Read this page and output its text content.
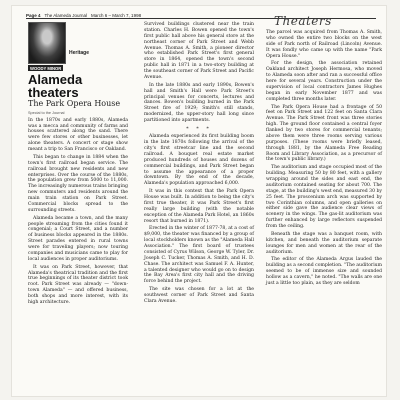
Page 4 The Alameda Journal March 6 – March 7, 1998	Theaters
Heritage
WOODY MINOR
Alameda theaters
The Park Opera House
Special to the Journal

In the 1870s and early 1880s, Alameda was a mecca and community of farms and houses scattered along the sand. There were few stores or other businesses, let alone theaters. A concert or stage show meant a trip to San Francisco or Oakland.

This began to change in 1884 when the town's first railroad began service. The railroad brought new residents and new enterprises. Over the course of the 1880s, the population grew from 5000 to 11,000. The increasingly numerous trains bringing new commuters and residents around the main train station on Park Street. Commercial blocks spread to the surrounding streets.

Alameda became a town, and the many people streaming from the cities found it congenial; a Court Street, and a number of business blocks appeared in the 1880s. Street parades entered in rural towns were for traveling players; now touring companies and musicians came to play for local audiences in proper auditoriums.

It was on Park Street, however, that Alameda's theatrical tradition and the first true beginnings of its theater district took root. Park Street was already — "down-town Alameda" — and offered business, both shops and more interest, with its high architecture.

Survived buildings clustered near the train station. Charles H. Bowen opened the town's first public hall above his general store at the northeast corner of Park Street and Webb Avenue. Thomas A. Smith, a pioneer director who established Park Street's first general store in 1864, opened the town's second public hall in 1871 in a two-story building at the southeast corner of Park Street and Pacific Avenue.

In the late 1880s and early 1890s, Bowen's hall and Smith's Hall were Park Street's principal venues for concerts, lectures and dances. Bowen's building burned in the Park Street fire of 1929; Smith's still stands, modernized, the upper-story hall long since partitioned into apartments.

* * *

Alameda experienced its first building boom in the late 1870s following the arrival of the city's first streetcar line and the second railroad. A bouquet real estate market produced hundreds of houses and dozens of commercial buildings, and Park Street began to assume the appearance of a proper downtown. By the end of the decade, Alameda's population approached 6,000.

It was in this context that the Park Opera House was built. In addition to being the city's first true theater, it was Park Street's first really large building (with the notable exception of the Alameda Park Hotel, an 1860s resort that burned in 1871).

Erected in the winter of 1877-78, at a cost of $9,000, the theater was financed by a group of local stockholders known as the "Alameda Hall Association." The first board of trustees consisted of Cyrus Wilson, George W. Tyler, Dr. Joseph C. Tucker, Thomas A. Smith, and H. D. Chase. The architect was Samuel F. A. Hunter, a talented designer who would go on to design the Bay Area's first city hall and the driving force behind the project.

The site was chosen for a lot at the southwest corner of Park Street and Santa Clara Avenue.

The parcel was acquired from Thomas A. Smith, who owned the entire two blocks on the west side of Park north of Railroad (Lincoln) Avenue. It was fondly who came up with the name "Park Opera House."

For the design, the association retained Oakland architect Joseph Hermosa, who moved to Alameda soon after and ran a successful office here for several years. Construction under the supervision of local contractors James Hughes began in early November 1877 and was completed three months later.

The Park Opera House had a frontage of 50 feet on Park Street and 122 feet on Santa Clara Avenue. The Park Street front was three stories high. The ground floor contained a central foyer flanked by two stores for commercial tenants; above them were three rooms serving various purposes. (These rooms were briefly leased, through 1881, by the Alameda Free Reading Room and Library Association, as a precursor of the town's public library.)

The auditorium and stage occupied most of the building. Measuring 50 by 80 feet, with a gallery wrapping around the sides and east end, the auditorium contained seating for about 700. The stage, at the building's west end, measured 30 by 25 feet. The proscenium arch was supported by two Corinthian columns, and open galleries on either side gave the audience clear views of scenery in the wings. The gas-lit auditorium was further enhanced by large reflectors suspended from the ceiling.

Beneath the stage was a banquet room, with kitchen, and beneath the auditorium separate lounges for men and women at the rear of the auditorium.

The editor of the Alameda Argus lauded the building as a second completion. "The auditorium seemed to be of immense size and sounded hollow as a cavern," he noted. "The walls are one just a little too plain, as they are seldom
